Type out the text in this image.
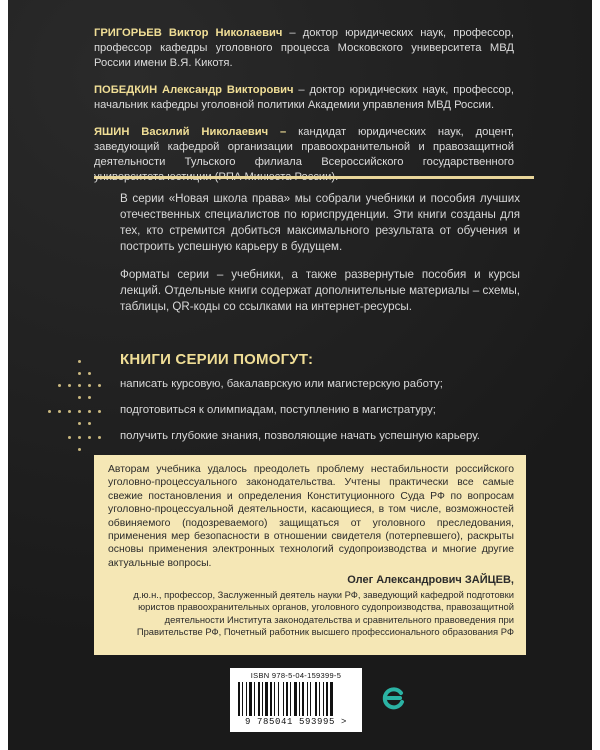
ГРИГОРЬЕВ Виктор Николаевич – доктор юридических наук, профессор, профессор кафедры уголовного процесса Московского университета МВД России имени В.Я. Кикотя.

ПОБЕДКИН Александр Викторович – доктор юридических наук, профессор, начальник кафедры уголовной политики Академии управления МВД России.

ЯШИН Василий Николаевич – кандидат юридических наук, доцент, заведующий кафедрой организации правоохранительной и правозащитной деятельности Тульского филиала Всероссийского государственного

В серии «Новая школа права» мы собрали учебники и пособия лучших отечественных специалистов по юриспруденции. Эти книги созданы для тех, кто стремится добиться максимального результата от обучения и построить успешную карьеру в будущем.

Форматы серии – учебники, а также развернутые пособия и курсы лекций. Отдельные книги содержат дополнительные материалы – схемы, таблицы, QR-коды со ссылками на интернет-ресурсы.

КНИГИ СЕРИИ ПОМОГУТ:
написать курсовую, бакалаврскую или магистерскую работу;
подготовиться к олимпиадам, поступлению в магистратуру;
получить глубокие знания, позволяющие начать успешную карьеру.

Авторам учебника удалось преодолеть проблему нестабильности российского уголовно-процессуального законодательства. Учтены практически все самые свежие постановления и определения Конституционного Суда РФ по вопросам уголовно-процессуальной деятельности, касающиеся, в том числе, возможностей обвиняемого (подозреваемого) защищаться от уголовного преследования, применения мер безопасности в отношении свидетеля (потерпевшего), раскрыты основы применения электронных технологий судопроизводства и многие другие актуальные вопросы.

Олег Александрович ЗАЙЦЕВ,
д.ю.н., профессор, Заслуженный деятель науки РФ, заведующий кафедрой подготовки юристов правоохранительных органов, уголовного судопроизводства, правозащитной деятельности Института законодательства и сравнительного правоведения при Правительстве РФ, Почетный работник высшего профессионального образования РФ
ISBN 978-5-04-159399-5
9 785041 593995 >
